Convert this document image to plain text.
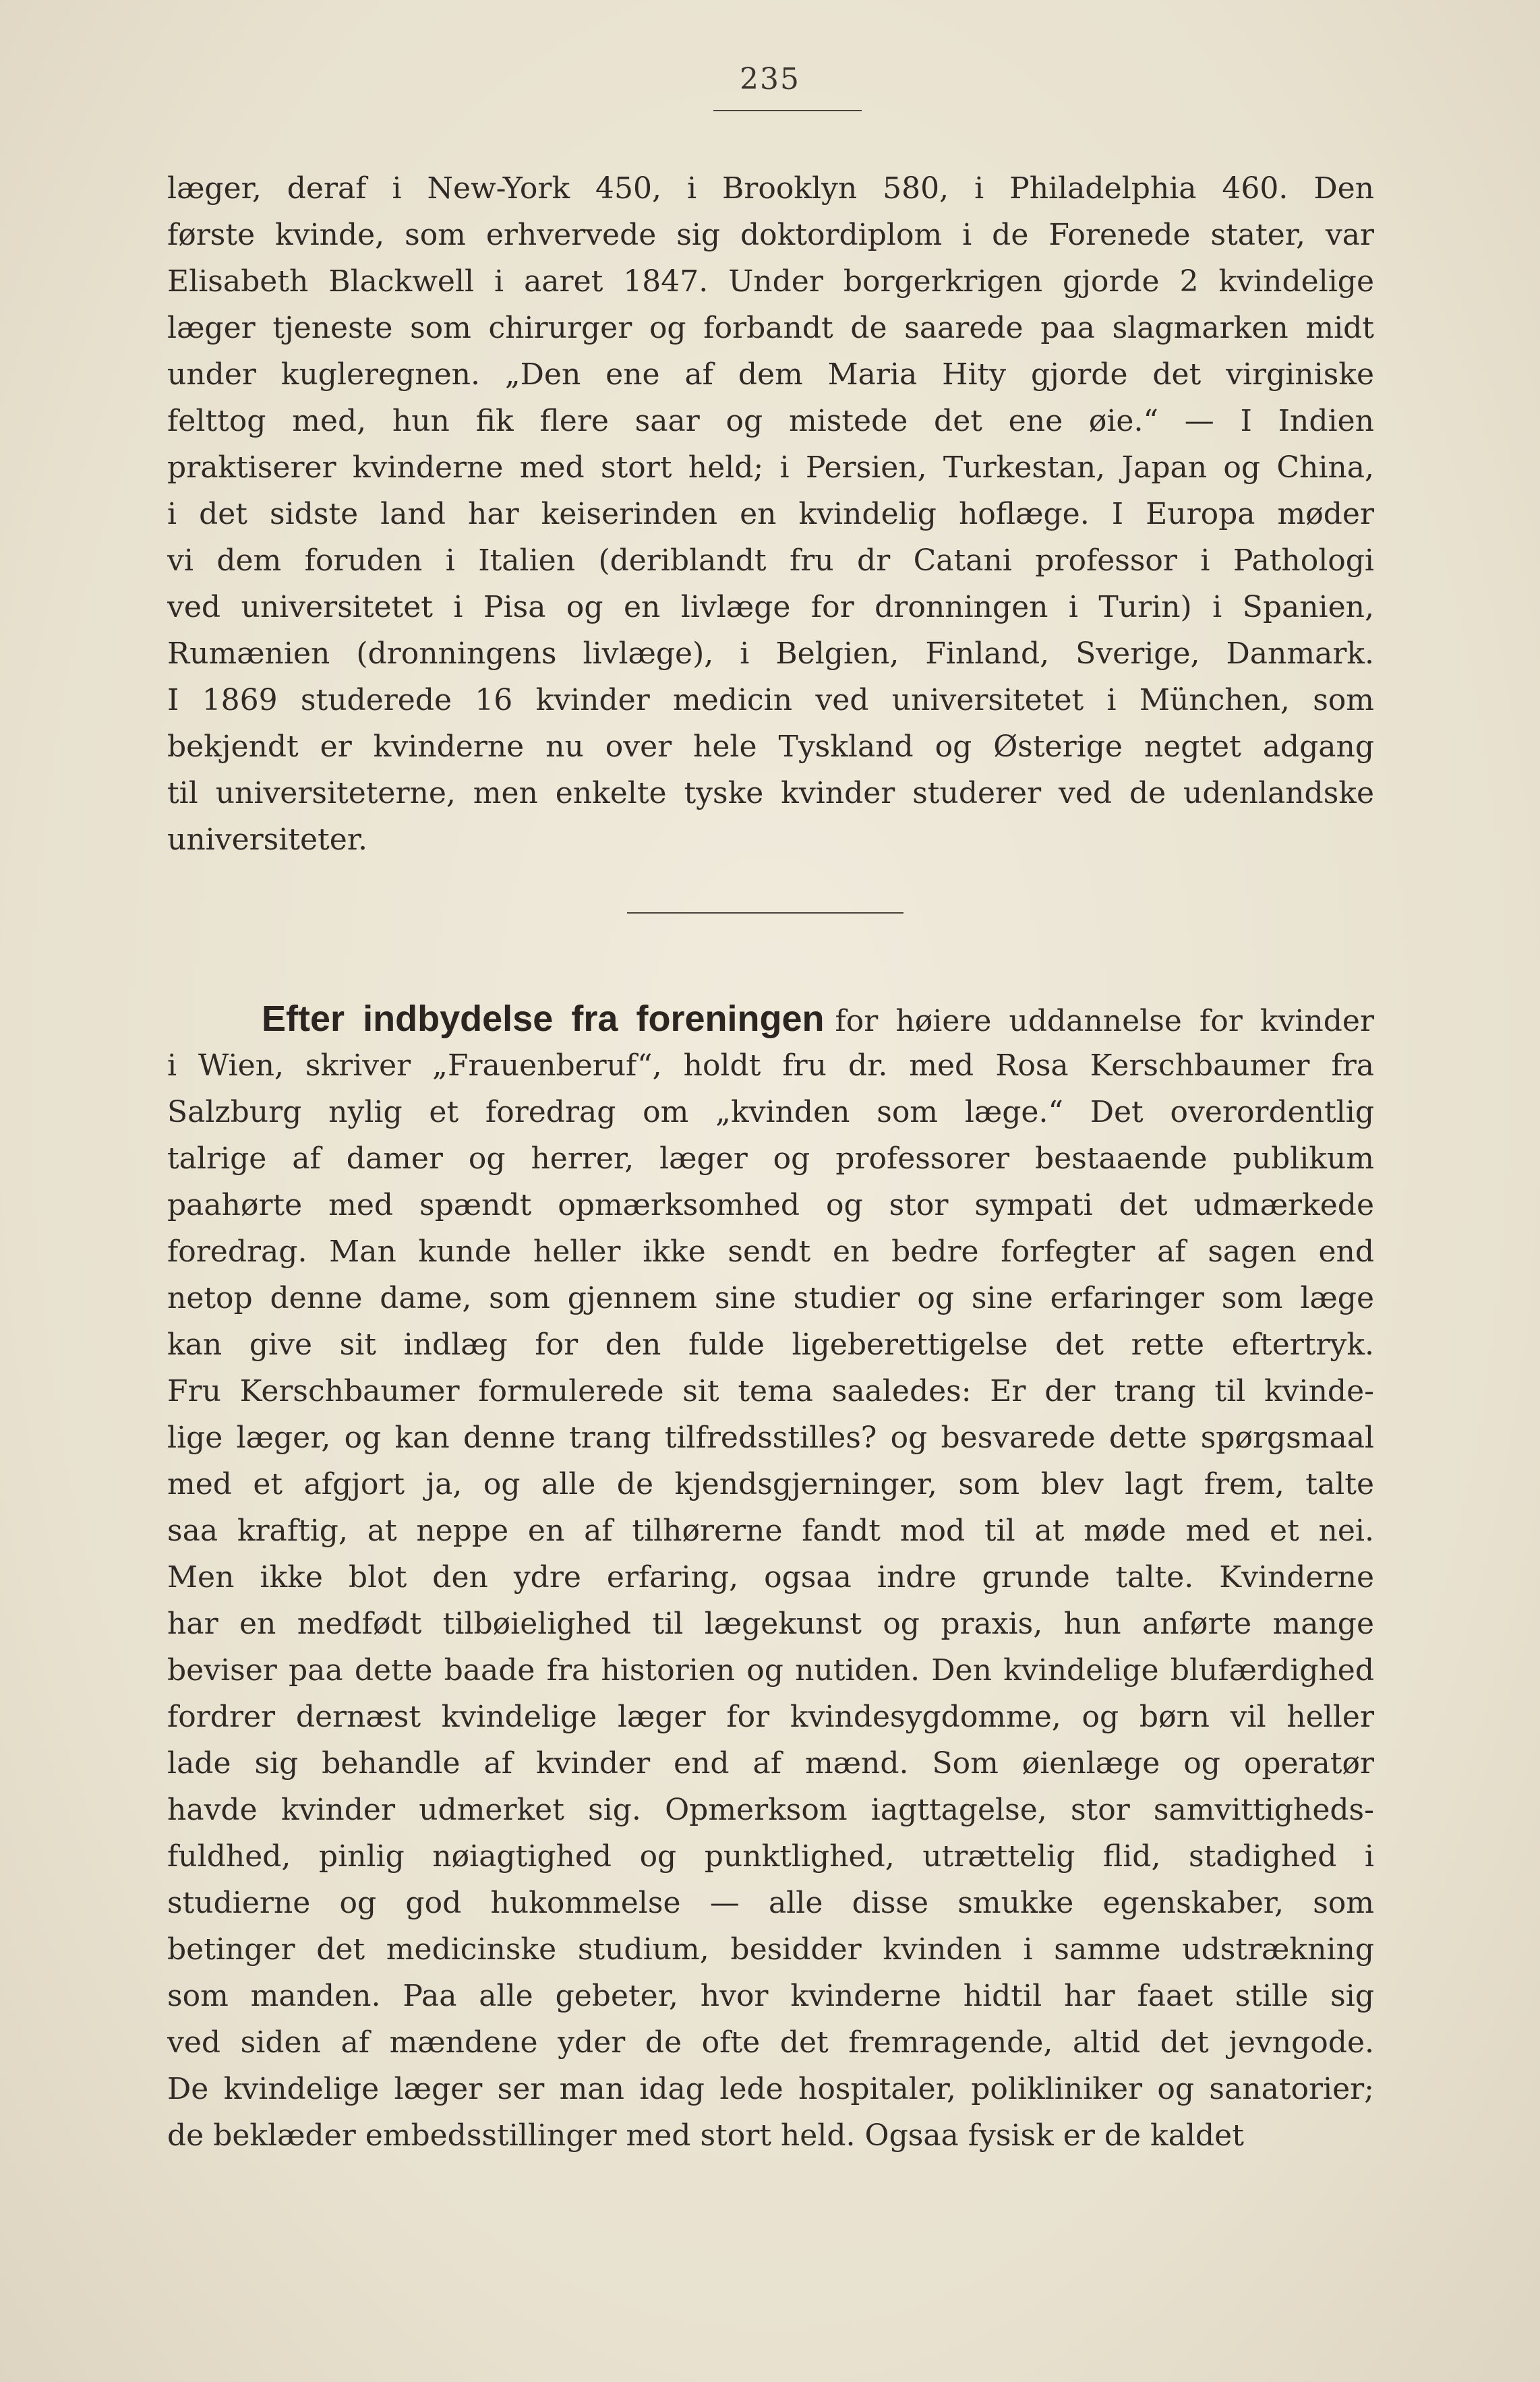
235
læger, deraf i New-York 450, i Brooklyn 580, i Philadelphia 460. Den
første kvinde, som erhvervede sig doktordiplom i de Forenede stater, var
Elisabeth Blackwell i aaret 1847. Under borgerkrigen gjorde 2 kvindelige
læger tjeneste som chirurger og forbandt de saarede paa slagmarken midt
under kugleregnen. „Den ene af dem Maria Hity gjorde det virginiske
felttog med, hun fik flere saar og mistede det ene øie.“ — I Indien
praktiserer kvinderne med stort held; i Persien, Turkestan, Japan og China,
i det sidste land har keiserinden en kvindelig hoflæge. I Europa møder
vi dem foruden i Italien (deriblandt fru dr Catani professor i Pathologi
ved universitetet i Pisa og en livlæge for dronningen i Turin) i Spanien,
Rumænien (dronningens livlæge), i Belgien, Finland, Sverige, Danmark.
I 1869 studerede 16 kvinder medicin ved universitetet i München, som
bekjendt er kvinderne nu over hele Tyskland og Østerige negtet adgang
til universiteterne, men enkelte tyske kvinder studerer ved de udenlandske
universiteter.
Efter indbydelse fra foreningen for høiere uddannelse for kvinder
i Wien, skriver „Frauenberuf“, holdt fru dr. med Rosa Kerschbaumer fra
Salzburg nylig et foredrag om „kvinden som læge.“ Det overordentlig
talrige af damer og herrer, læger og professorer bestaaende publikum
paahørte med spændt opmærksomhed og stor sympati det udmærkede
foredrag. Man kunde heller ikke sendt en bedre forfegter af sagen end
netop denne dame, som gjennem sine studier og sine erfaringer som læge
kan give sit indlæg for den fulde ligeberettigelse det rette eftertryk.
Fru Kerschbaumer formulerede sit tema saaledes: Er der trang til kvinde-
lige læger, og kan denne trang tilfredsstilles? og besvarede dette spørgsmaal
med et afgjort ja, og alle de kjendsgjerninger, som blev lagt frem, talte
saa kraftig, at neppe en af tilhørerne fandt mod til at møde med et nei.
Men ikke blot den ydre erfaring, ogsaa indre grunde talte. Kvinderne
har en medfødt tilbøielighed til lægekunst og praxis, hun anførte mange
beviser paa dette baade fra historien og nutiden. Den kvindelige blufærdighed
fordrer dernæst kvindelige læger for kvindesygdomme, og børn vil heller
lade sig behandle af kvinder end af mænd. Som øienlæge og operatør
havde kvinder udmerket sig. Opmerksom iagttagelse, stor samvittigheds-
fuldhed, pinlig nøiagtighed og punktlighed, utrættelig flid, stadighed i
studierne og god hukommelse — alle disse smukke egenskaber, som
betinger det medicinske studium, besidder kvinden i samme udstrækning
som manden. Paa alle gebeter, hvor kvinderne hidtil har faaet stille sig
ved siden af mændene yder de ofte det fremragende, altid det jevngode.
De kvindelige læger ser man idag lede hospitaler, polikliniker og sanatorier;
de beklæder embedsstillinger med stort held. Ogsaa fysisk er de kaldet
